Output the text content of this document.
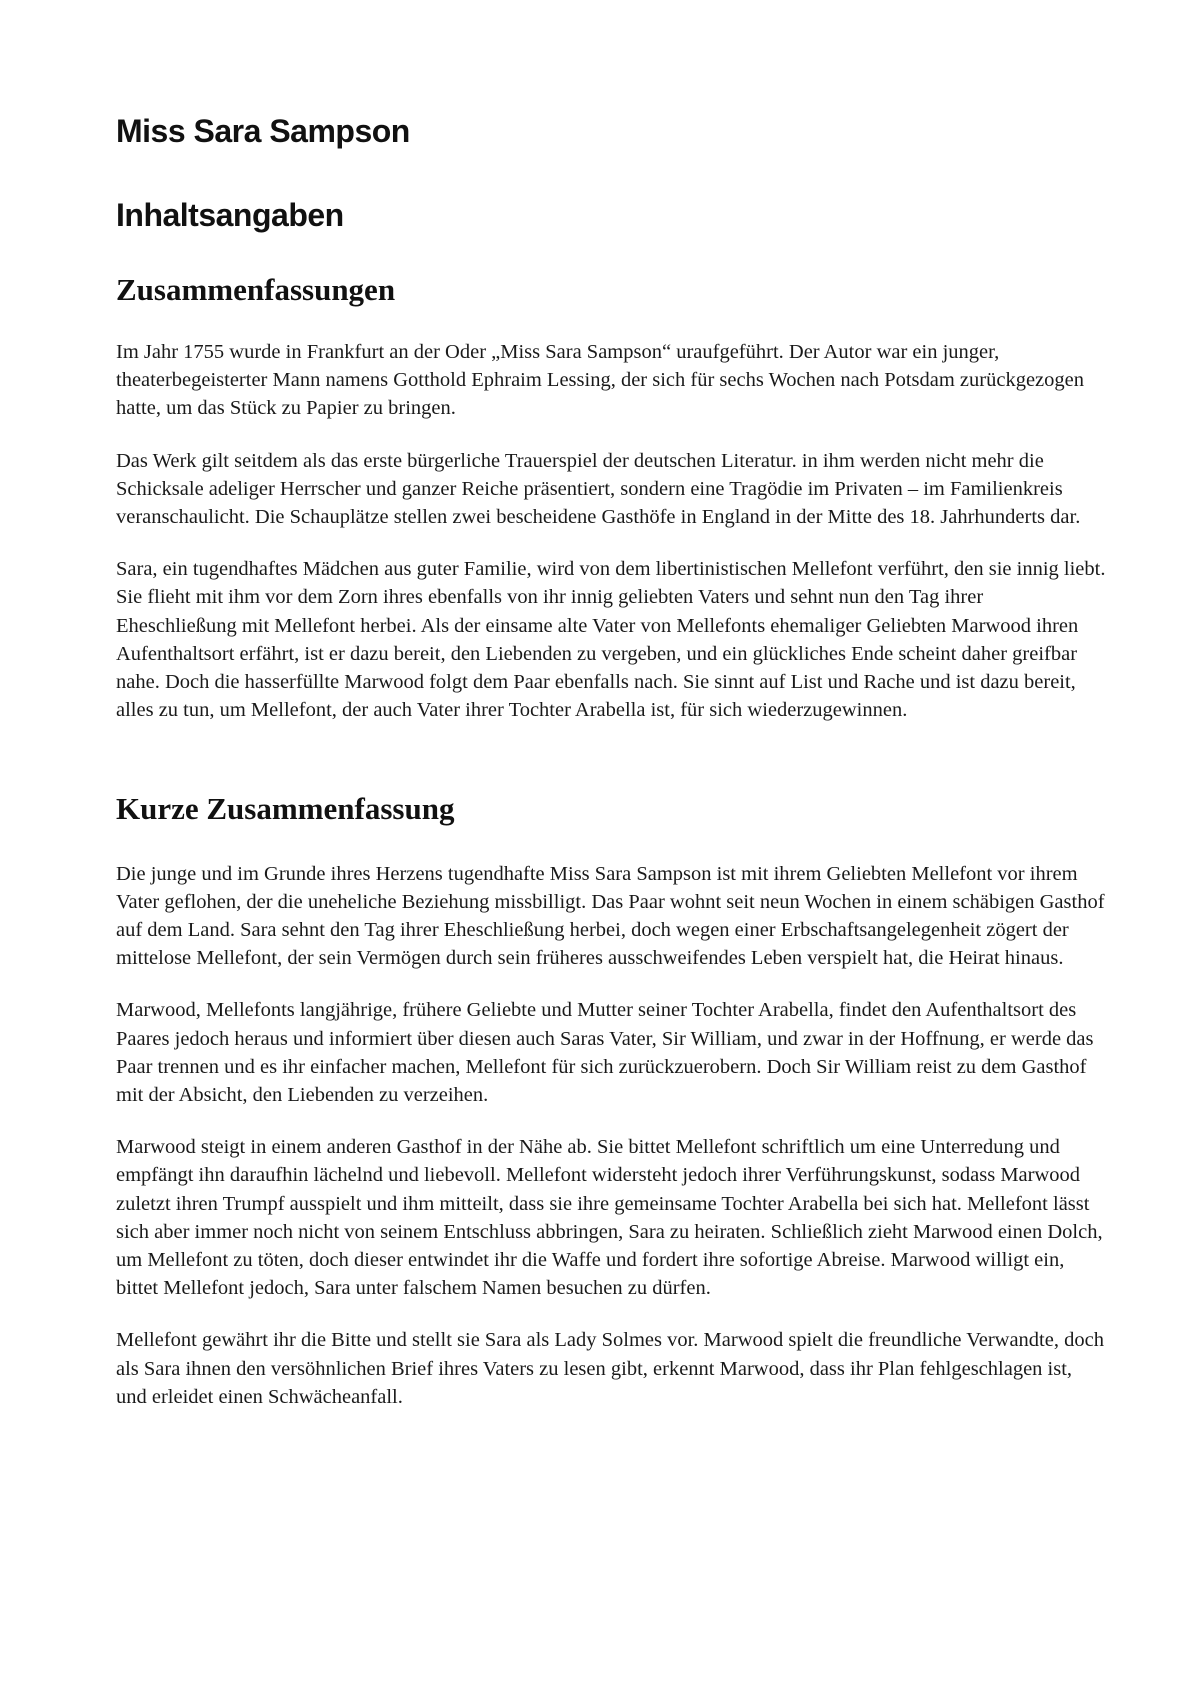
Miss Sara Sampson
Inhaltsangaben
Zusammenfassungen

Im Jahr 1755 wurde in Frankfurt an der Oder „Miss Sara Sampson“ uraufgeführt. Der Autor war ein junger, theaterbegeisterter Mann namens Gotthold Ephraim Lessing, der sich für sechs Wochen nach Potsdam zurückgezogen hatte, um das Stück zu Papier zu bringen.

Das Werk gilt seitdem als das erste bürgerliche Trauerspiel der deutschen Literatur. in ihm werden nicht mehr die Schicksale adeliger Herrscher und ganzer Reiche präsentiert, sondern eine Tragödie im Privaten – im Familienkreis veranschaulicht. Die Schauplätze stellen zwei bescheidene Gasthöfe in England in der Mitte des 18. Jahrhunderts dar.

Sara, ein tugendhaftes Mädchen aus guter Familie, wird von dem libertinistischen Mellefont verführt, den sie innig liebt. Sie flieht mit ihm vor dem Zorn ihres ebenfalls von ihr innig geliebten Vaters und sehnt nun den Tag ihrer Eheschließung mit Mellefont herbei. Als der einsame alte Vater von Mellefonts ehemaliger Geliebten Marwood ihren Aufenthaltsort erfährt, ist er dazu bereit, den Liebenden zu vergeben, und ein glückliches Ende scheint daher greifbar nahe. Doch die hasserfüllte Marwood folgt dem Paar ebenfalls nach. Sie sinnt auf List und Rache und ist dazu bereit, alles zu tun, um Mellefont, der auch Vater ihrer Tochter Arabella ist, für sich wiederzugewinnen.

Kurze Zusammenfassung

Die junge und im Grunde ihres Herzens tugendhafte Miss Sara Sampson ist mit ihrem Geliebten Mellefont vor ihrem Vater geflohen, der die uneheliche Beziehung missbilligt. Das Paar wohnt seit neun Wochen in einem schäbigen Gasthof auf dem Land. Sara sehnt den Tag ihrer Eheschließung herbei, doch wegen einer Erbschaftsangelegenheit zögert der mittelose Mellefont, der sein Vermögen durch sein früheres ausschweifendes Leben verspielt hat, die Heirat hinaus.

Marwood, Mellefonts langjährige, frühere Geliebte und Mutter seiner Tochter Arabella, findet den Aufenthaltsort des Paares jedoch heraus und informiert über diesen auch Saras Vater, Sir William, und zwar in der Hoffnung, er werde das Paar trennen und es ihr einfacher machen, Mellefont für sich zurückzuerobern. Doch Sir William reist zu dem Gasthof mit der Absicht, den Liebenden zu verzeihen.

Marwood steigt in einem anderen Gasthof in der Nähe ab. Sie bittet Mellefont schriftlich um eine Unterredung und empfängt ihn daraufhin lächelnd und liebevoll. Mellefont widersteht jedoch ihrer Verführungskunst, sodass Marwood zuletzt ihren Trumpf ausspielt und ihm mitteilt, dass sie ihre gemeinsame Tochter Arabella bei sich hat. Mellefont lässt sich aber immer noch nicht von seinem Entschluss abbringen, Sara zu heiraten. Schließlich zieht Marwood einen Dolch, um Mellefont zu töten, doch dieser entwindet ihr die Waffe und fordert ihre sofortige Abreise. Marwood willigt ein, bittet Mellefont jedoch, Sara unter falschem Namen besuchen zu dürfen.

Mellefont gewährt ihr die Bitte und stellt sie Sara als Lady Solmes vor. Marwood spielt die freundliche Verwandte, doch als Sara ihnen den versöhnlichen Brief ihres Vaters zu lesen gibt, erkennt Marwood, dass ihr Plan fehlgeschlagen ist, und erleidet einen Schwächeanfall.
